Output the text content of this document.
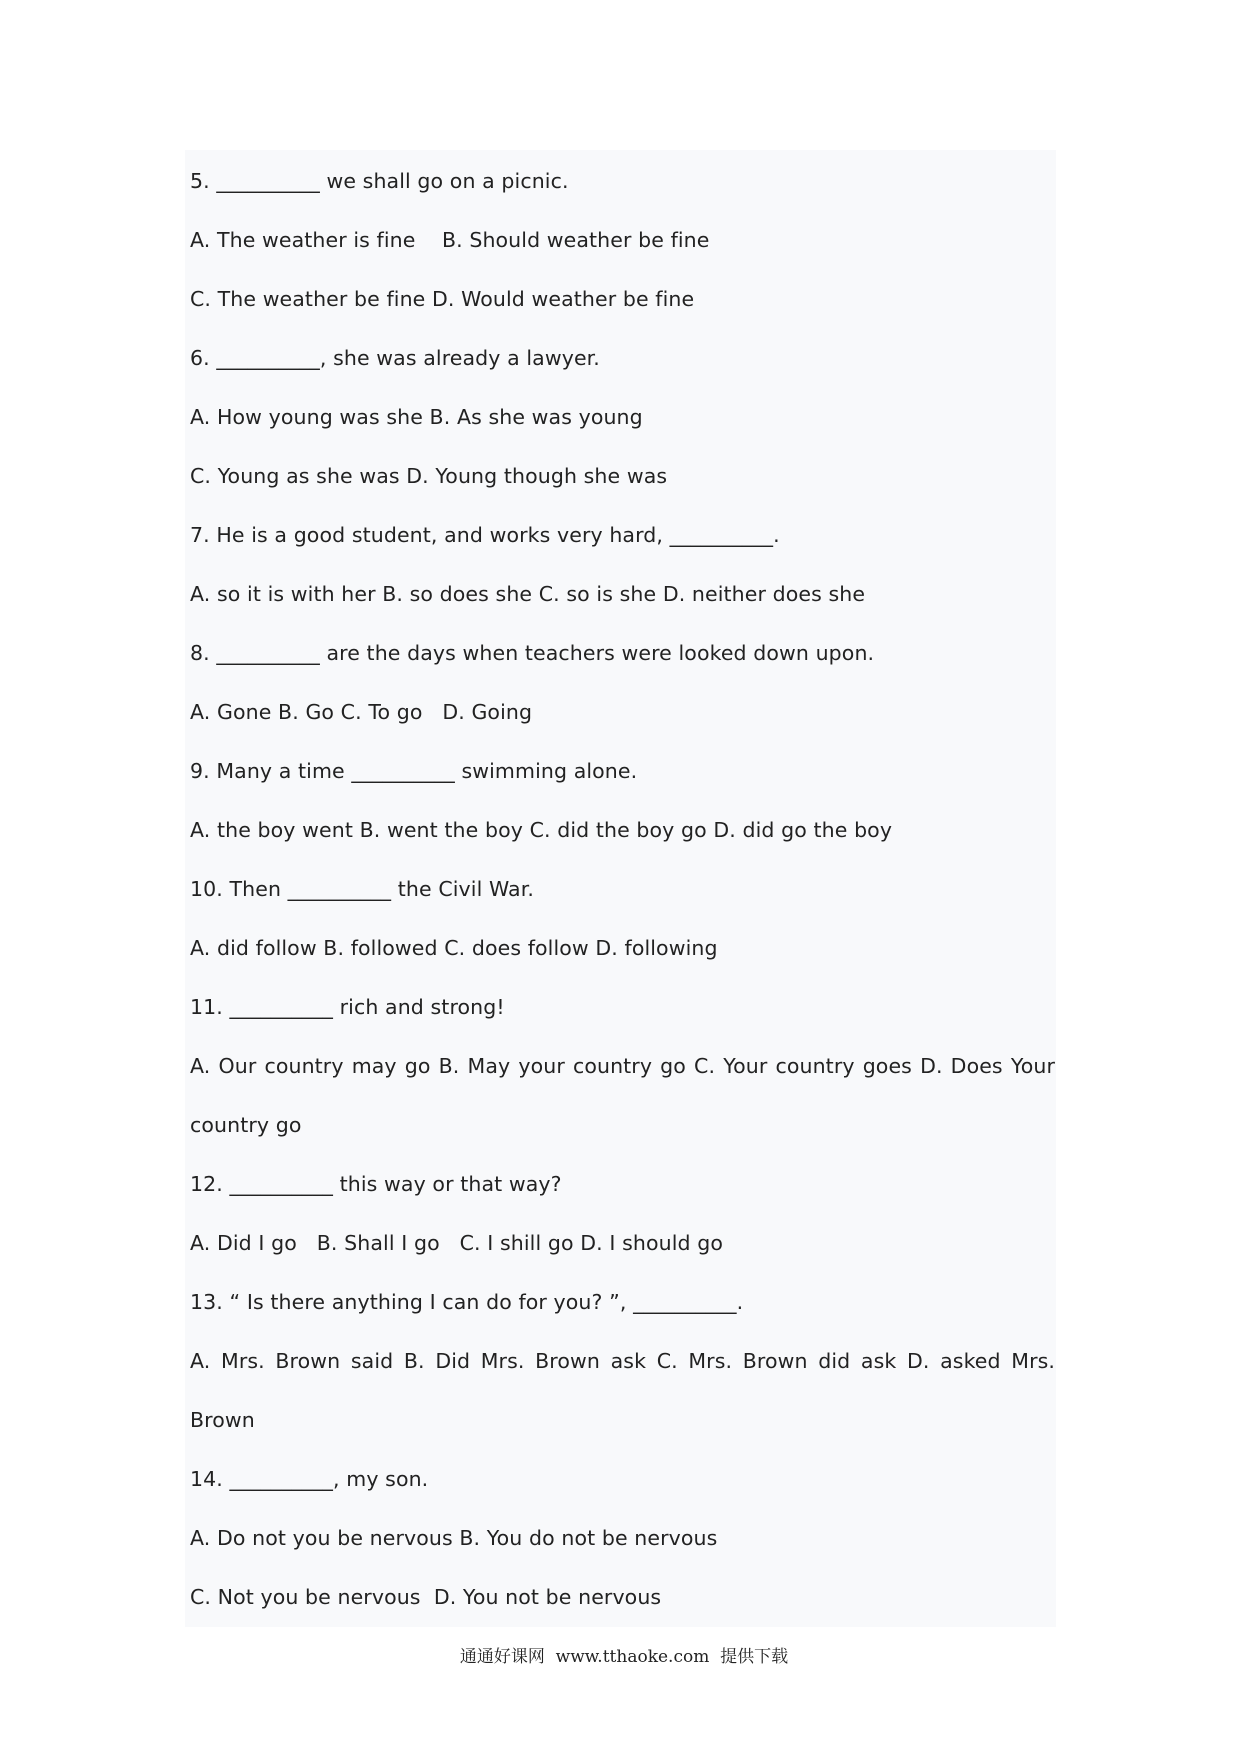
5. __________ we shall go on a picnic.
A. The weather is fine    B. Should weather be fine
C. The weather be fine D. Would weather be fine
6. __________, she was already a lawyer.
A. How young was she B. As she was young
C. Young as she was D. Young though she was
7. He is a good student, and works very hard, __________.
A. so it is with her B. so does she C. so is she D. neither does she
8. __________ are the days when teachers were looked down upon.
A. Gone B. Go C. To go   D. Going
9. Many a time __________ swimming alone.
A. the boy went B. went the boy C. did the boy go D. did go the boy
10. Then __________ the Civil War.
A. did follow B. followed C. does follow D. following
11. __________ rich and strong!
A. Our country may go B. May your country go C. Your country goes D. Does Your
country go
12. __________ this way or that way?
A. Did I go   B. Shall I go   C. I shill go D. I should go
13. “ Is there anything I can do for you? ”, __________.
A. Mrs. Brown said B. Did Mrs. Brown ask C. Mrs. Brown did ask D. asked Mrs.
Brown
14. __________, my son.
A. Do not you be nervous B. You do not be nervous
C. Not you be nervous  D. You not be nervous
通通好课网  www.tthaoke.com  提供下载
